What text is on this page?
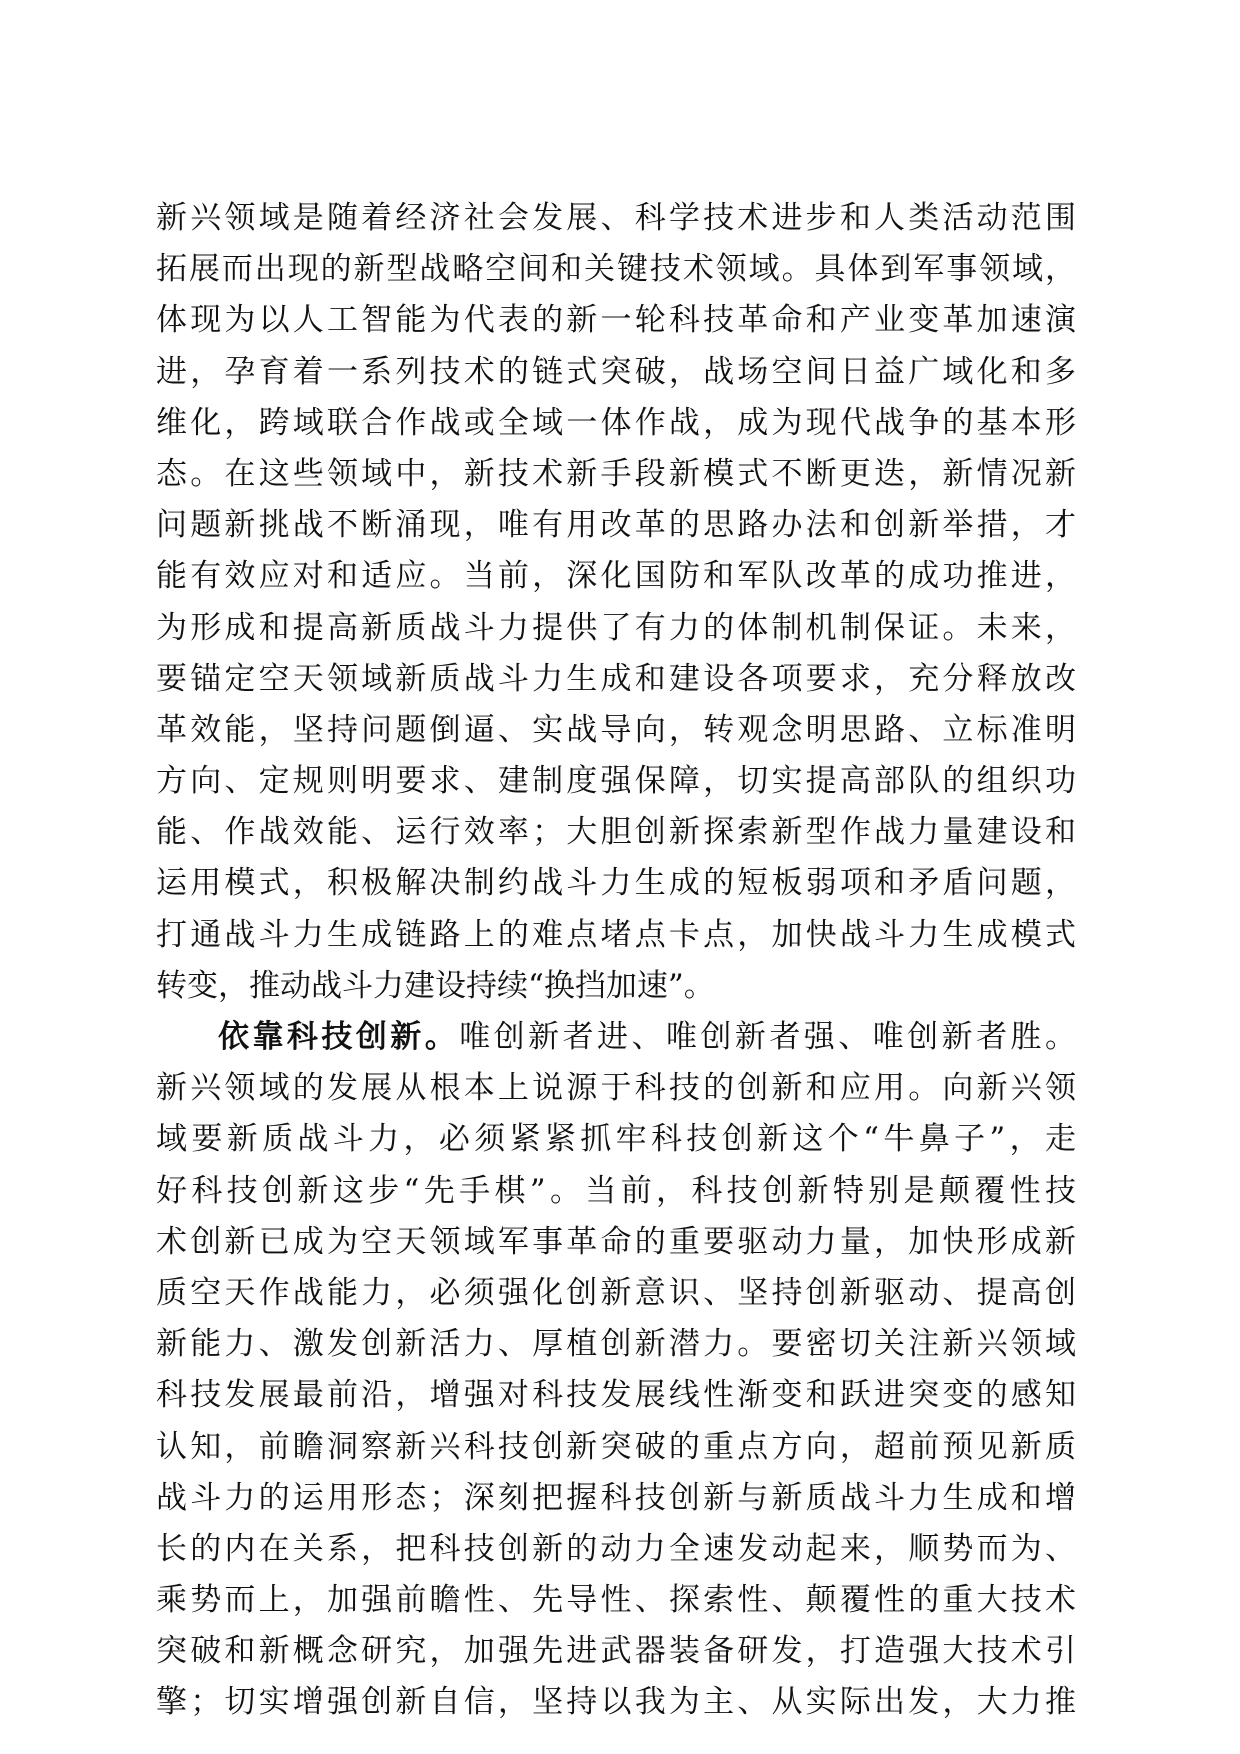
新兴领域是随着经济社会发展、科学技术进步和人类活动范围
拓展而出现的新型战略空间和关键技术领域。具体到军事领域，
体现为以人工智能为代表的新一轮科技革命和产业变革加速演
进，孕育着一系列技术的链式突破，战场空间日益广域化和多
维化，跨域联合作战或全域一体作战，成为现代战争的基本形
态。在这些领域中，新技术新手段新模式不断更迭，新情况新
问题新挑战不断涌现，唯有用改革的思路办法和创新举措，才
能有效应对和适应。当前，深化国防和军队改革的成功推进，
为形成和提高新质战斗力提供了有力的体制机制保证。未来，
要锚定空天领域新质战斗力生成和建设各项要求，充分释放改
革效能，坚持问题倒逼、实战导向，转观念明思路、立标准明
方向、定规则明要求、建制度强保障，切实提高部队的组织功
能、作战效能、运行效率；大胆创新探索新型作战力量建设和
运用模式，积极解决制约战斗力生成的短板弱项和矛盾问题，
打通战斗力生成链路上的难点堵点卡点，加快战斗力生成模式
转变，推动战斗力建设持续“换挡加速”。
依靠科技创新。唯创新者进、唯创新者强、唯创新者胜。
新兴领域的发展从根本上说源于科技的创新和应用。向新兴领
域要新质战斗力，必须紧紧抓牢科技创新这个“牛鼻子”，走
好科技创新这步“先手棋”。当前，科技创新特别是颠覆性技
术创新已成为空天领域军事革命的重要驱动力量，加快形成新
质空天作战能力，必须强化创新意识、坚持创新驱动、提高创
新能力、激发创新活力、厚植创新潜力。要密切关注新兴领域
科技发展最前沿，增强对科技发展线性渐变和跃进突变的感知
认知，前瞻洞察新兴科技创新突破的重点方向，超前预见新质
战斗力的运用形态；深刻把握科技创新与新质战斗力生成和增
长的内在关系，把科技创新的动力全速发动起来，顺势而为、
乘势而上，加强前瞻性、先导性、探索性、颠覆性的重大技术
突破和新概念研究，加强先进武器装备研发，打造强大技术引
擎；切实增强创新自信，坚持以我为主、从实际出发，大力推
